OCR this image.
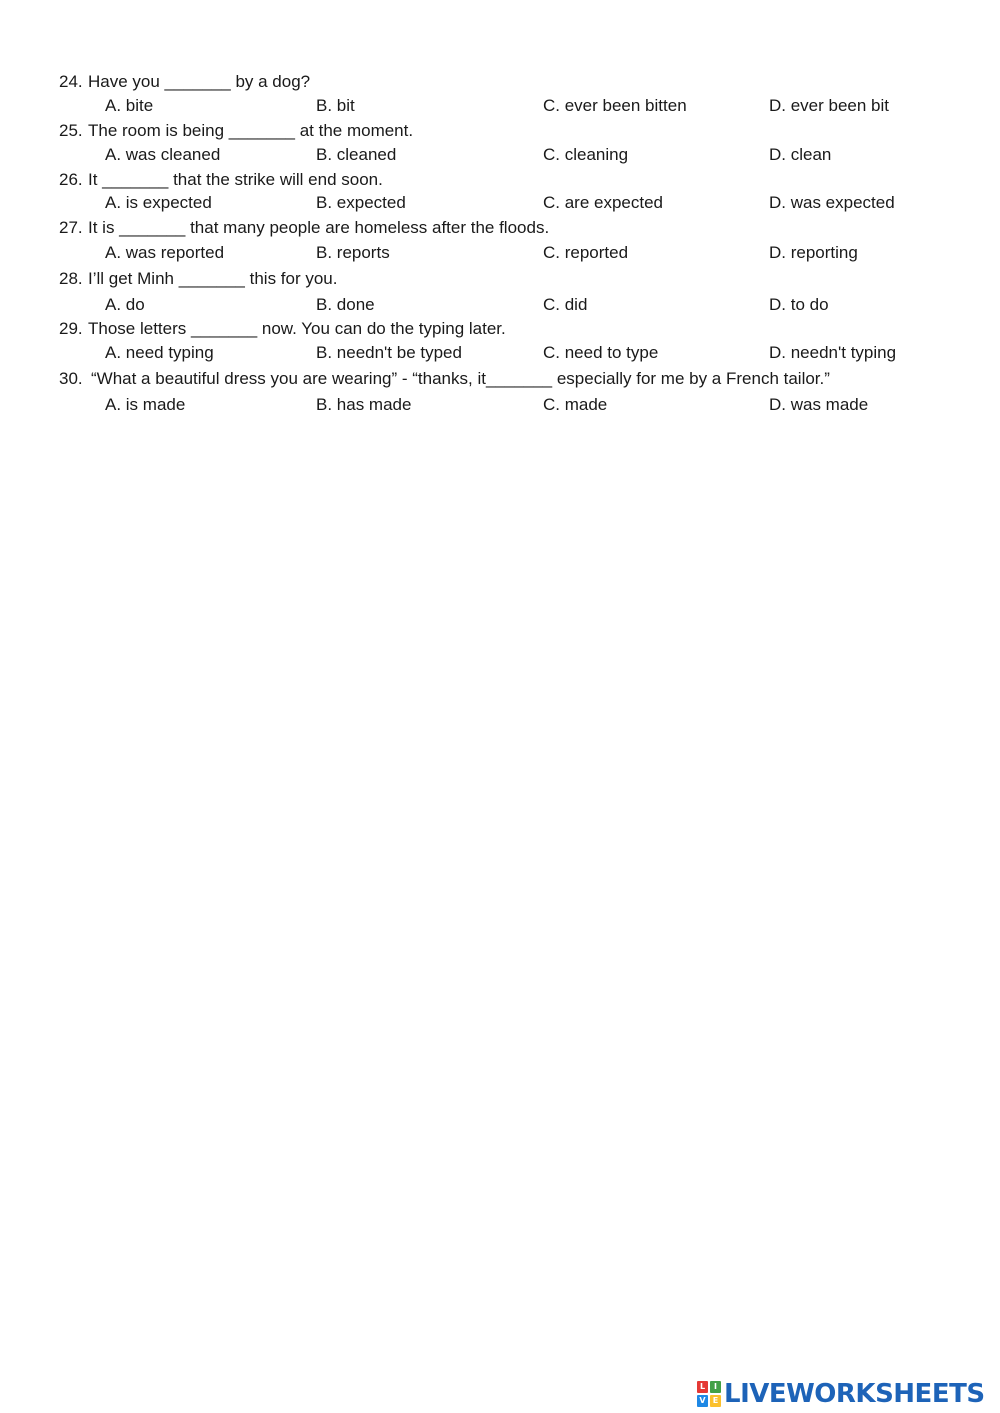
24. Have you _______ by a dog?
A. bite	B. bit	C. ever been bitten	D. ever been bit
25. The room is being _______ at the moment.
A. was cleaned	B. cleaned	C. cleaning	D. clean
26. It _______ that the strike will end soon.
A. is expected	B. expected	C. are expected	D. was expected
27. It is _______ that many people are homeless after the floods.
A. was reported	B. reports	C. reported	D. reporting
28. I’ll get Minh _______ this for you.
A. do	B. done	C. did	D. to do
29. Those letters _______ now. You can do the typing later.
A. need typing	B. needn't be typed	C. need to type	D. needn't typing
30. “What a beautiful dress you are wearing” - “thanks, it_______ especially for me by a French tailor.”
A. is made	B. has made	C. made	D. was made
L	I
V E LIVEWORKSHEETS
